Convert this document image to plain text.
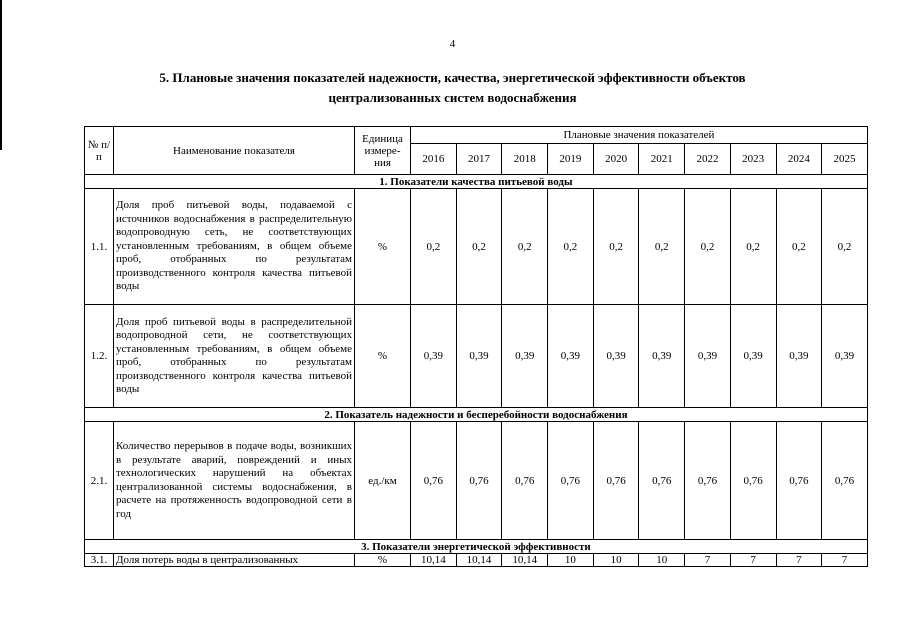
4
5. Плановые значения показателей надежности, качества, энергетической эффективности объектов
централизованных систем водоснабжения
№ п/п	Наименование показателя	Единица измере-ния	Плановые значения показателей									
			2016	2017	2018	2019	2020	2021	2022	2023	2024	2025
1. Показатели качества питьевой воды												
1.1.	Доля проб питьевой воды, подаваемой с источников водоснабжения в распределительную водопроводную сеть, не соответствующих установленным требованиям, в общем объеме проб, отобранных по результатам производственного контроля качества питьевой воды	%	0,2	0,2	0,2	0,2	0,2	0,2	0,2	0,2	0,2	0,2
1.2.	Доля проб питьевой воды в распределительной водопроводной сети, не соответствующих установленным требованиям, в общем объеме проб, отобранных по результатам производственного контроля качества питьевой воды	%	0,39	0,39	0,39	0,39	0,39	0,39	0,39	0,39	0,39	0,39
2. Показатель надежности и бесперебойности водоснабжения												
2.1.	Количество перерывов в подаче воды, возникших в результате аварий, повреждений и иных технологических нарушений на объектах централизованной системы водоснабжения, в расчете на протяженность водопроводной сети в год	ед./км	0,76	0,76	0,76	0,76	0,76	0,76	0,76	0,76	0,76	0,76
3. Показатели энергетической эффективности												
3.1.	Доля потерь воды в централизованных	%	10,14	10,14	10,14	10	10	10	7	7	7	7
